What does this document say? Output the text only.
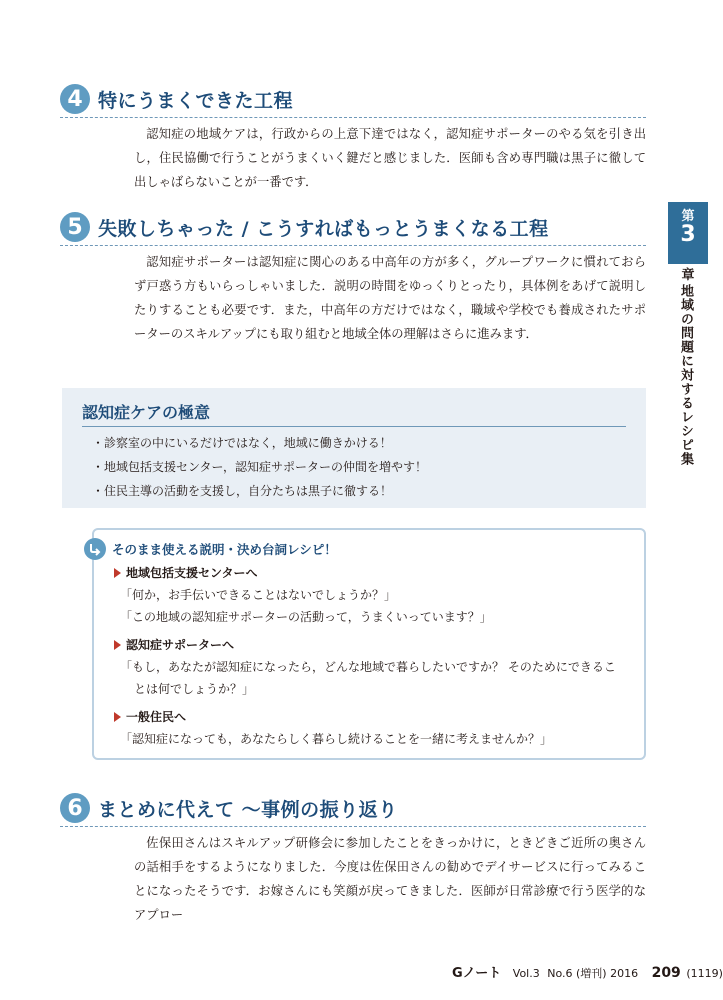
4 特にうまくできた工程

認知症の地域ケアは，行政からの上意下達ではなく，認知症サポーターのやる気を引き出し，住民協働で行うことがうまくいく鍵だと感じました．医師も含め専門職は黒子に徹して出しゃばらないことが一番です．

5 失敗しちゃった / こうすればもっとうまくなる工程

認知症サポーターは認知症に関心のある中高年の方が多く，グループワークに慣れておらず戸惑う方もいらっしゃいました．説明の時間をゆっくりとったり，具体例をあげて説明したりすることも必要です．また，中高年の方だけではなく，職域や学校でも養成されたサポーターのスキルアップにも取り組むと地域全体の理解はさらに進みます．

第
3
章
地域の問題に対するレシピ集
認知症ケアの極意
・診察室の中にいるだけではなく，地域に働きかける！
・地域包括支援センター，認知症サポーターの仲間を増やす！
・住民主導の活動を支援し，自分たちは黒子に徹する！
そのまま使える説明・決め台詞レシピ！
地域包括支援センターへ

「何か，お手伝いできることはないでしょうか？」

「この地域の認知症サポーターの活動って，うまくいっています？」

認知症サポーターへ

「もし，あなたが認知症になったら，どんな地域で暮らしたいですか？ そのためにできるこ

とは何でしょうか？」

一般住民へ

「認知症になっても，あなたらしく暮らし続けることを一緒に考えませんか？」

6 まとめに代えて ～事例の振り返り

佐保田さんはスキルアップ研修会に参加したことをきっかけに，ときどきご近所の奥さんの話相手をするようになりました．今度は佐保田さんの勧めでデイサービスに行ってみることになったそうです．お嫁さんにも笑顔が戻ってきました．医師が日常診療で行う医学的なアプロー

Gノート Vol.3 No.6 (増刊) 2016 209 (1119)
